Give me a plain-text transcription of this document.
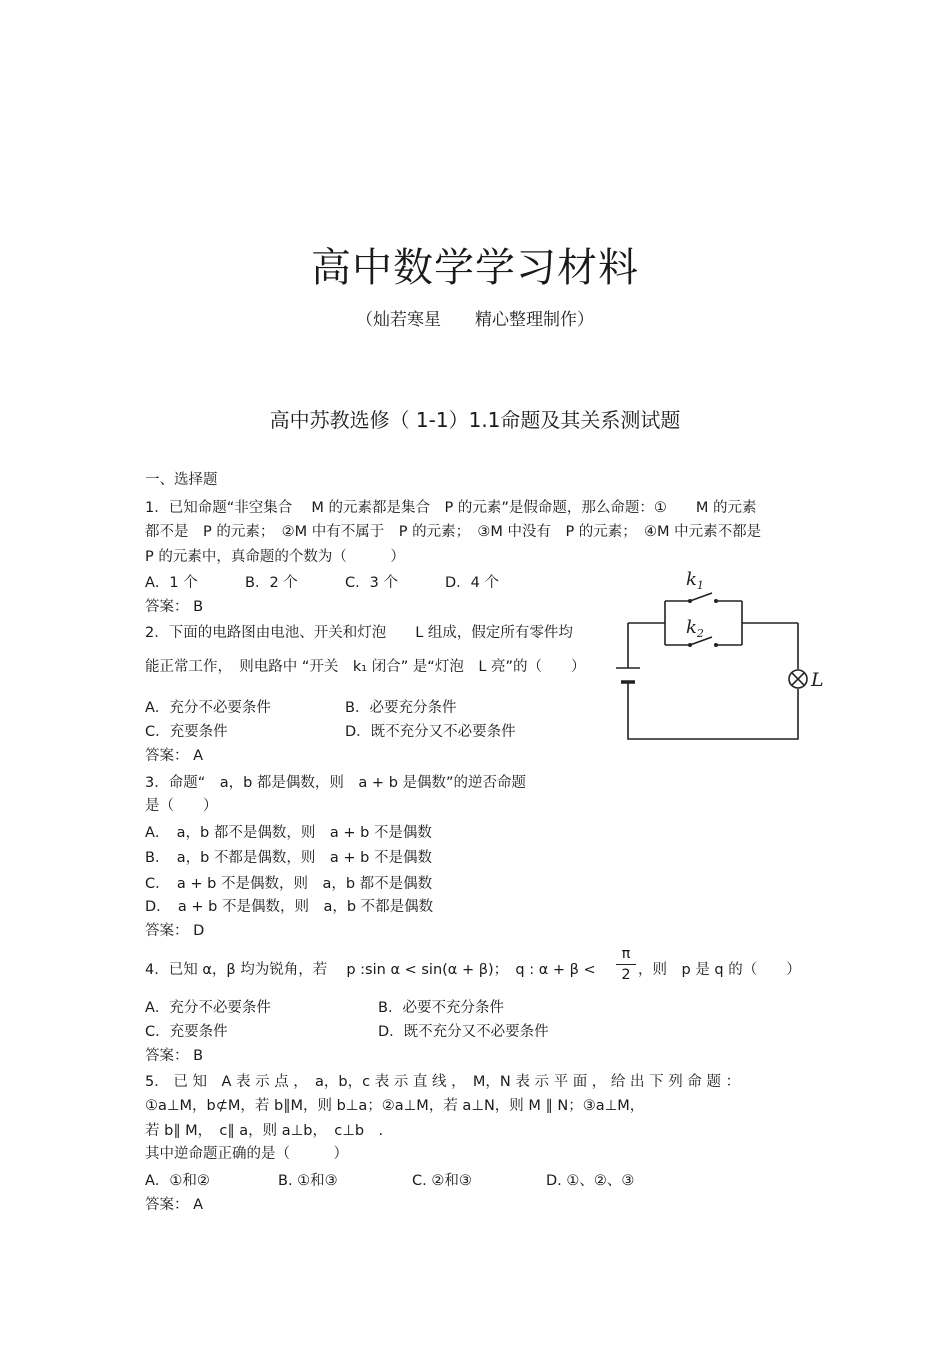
高中数学学习材料
（灿若寒星　　精心整理制作）
高中苏教选修（ 1-1）1.1命题及其关系测试题
一、选择题
1．已知命题“非空集合　 M 的元素都是集合　P 的元素”是假命题，那么命题：①　　M 的元素
都不是　P 的元素；　②M 中有不属于　P 的元素；　③M 中没有　P 的元素；　④M 中元素不都是
P 的元素中，真命题的个数为（　　　）
A．1 个	B．2 个	C．3 个	D．4 个
答案： B
2．下面的电路图由电池、开关和灯泡　　L 组成，假定所有零件均
能正常工作，　则电路中 “开关　k₁ 闭合” 是“灯泡　L 亮”的（　　）
A．充分不必要条件	B．必要充分条件
C．充要条件	D．既不充分又不必要条件
答案： A
$k_1$
$k_2$
L
3．命题“　a，b 都是偶数，则　a + b 是偶数”的逆否命题
是（　　）
A．　a，b 都不是偶数，则　a + b 不是偶数
B．　a，b 不都是偶数，则　a + b 不是偶数
C．　a + b 不是偶数，则　a，b 都不是偶数
D．　a + b 不是偶数，则　a，b 不都是偶数
答案： D
4．已知 α，β 均为锐角，若　 p :sin α < sin(α + β)；　q : $\alpha + \beta < \frac{\pi}{2}$ ，则　p 是 q 的（　　）
A．充分不必要条件	B．必要不充分条件
C．充要条件	D．既不充分又不必要条件
答案： B
5． 已 知　A 表 示 点 ，　a，b，c 表 示 直 线 ，　M，N 表 示 平 面 ， 给 出 下 列 命 题 ：
①a⊥M，b⊄M，若 b∥M，则 b⊥a；②a⊥M，若 a⊥N，则 M ∥ N；③a⊥M，
若 b∥ M，　c∥ a，则 a⊥b，　c⊥b　.
其中逆命题正确的是（　　　）
A．①和②	B. ①和③	C. ②和③	D. ①、②、③
答案： A
